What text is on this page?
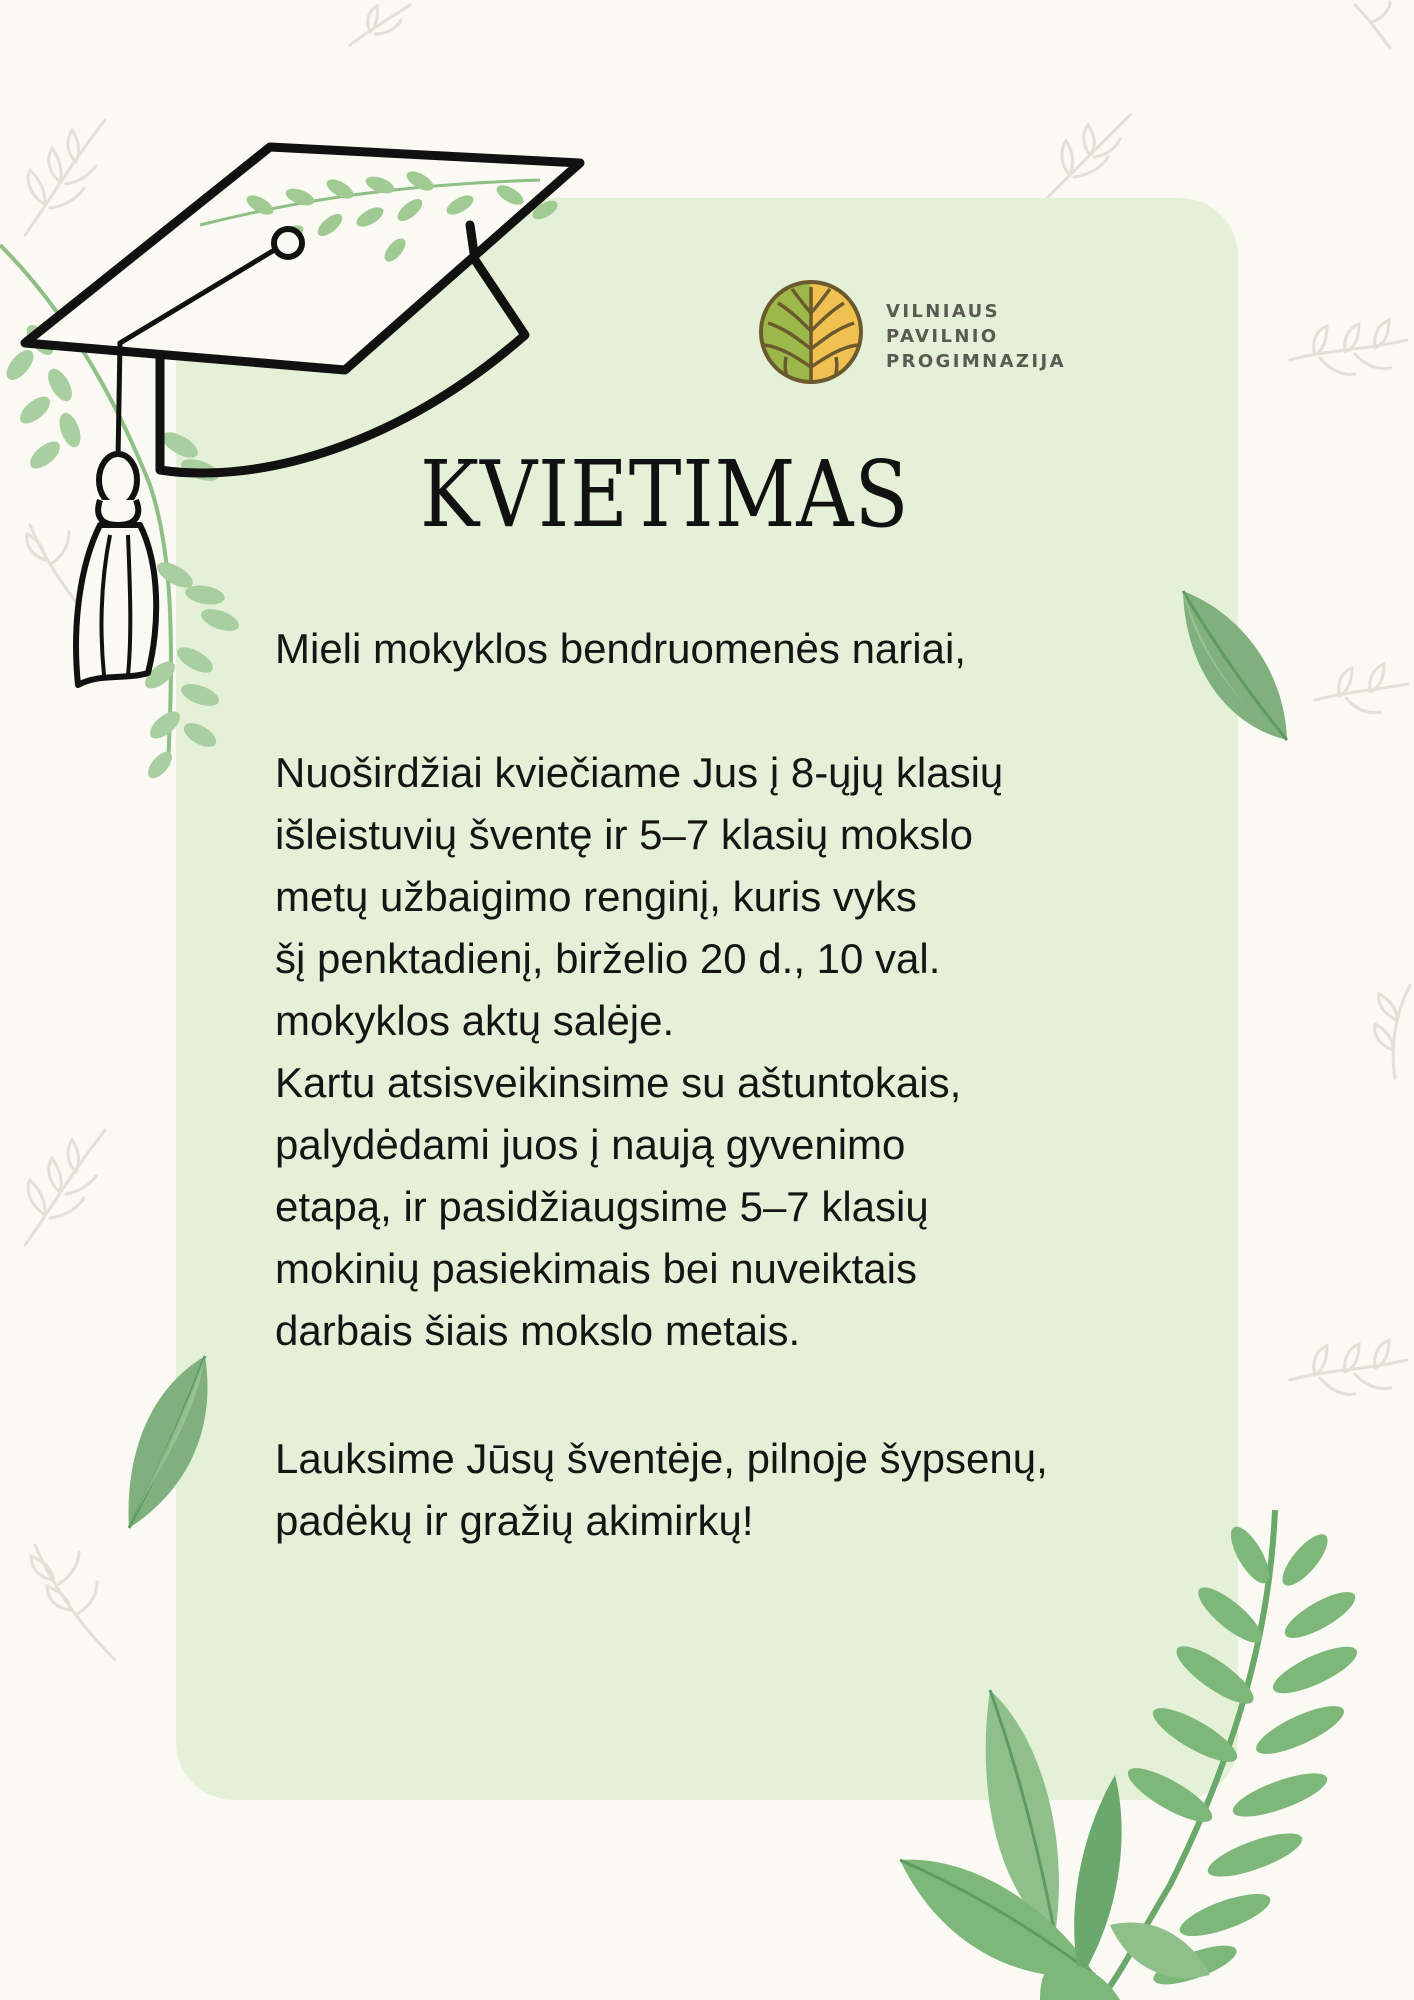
VILNIAUS
PAVILNIO
PROGIMNAZIJA
KVIETIMAS
Mieli mokyklos bendruomenės nariai,
Nuoširdžiai kviečiame Jus į 8-ųjų klasių
išleistuvių šventę ir 5–7 klasių mokslo
metų užbaigimo renginį, kuris vyks
šį penktadienį, birželio 20 d., 10 val.
mokyklos aktų salėje.
Kartu atsisveikinsime su aštuntokais,
palydėdami juos į naują gyvenimo
etapą, ir pasidžiaugsime 5–7 klasių
mokinių pasiekimais bei nuveiktais
darbais šiais mokslo metais.
Lauksime Jūsų šventėje, pilnoje šypsenų,
padėkų ir gražių akimirkų!
